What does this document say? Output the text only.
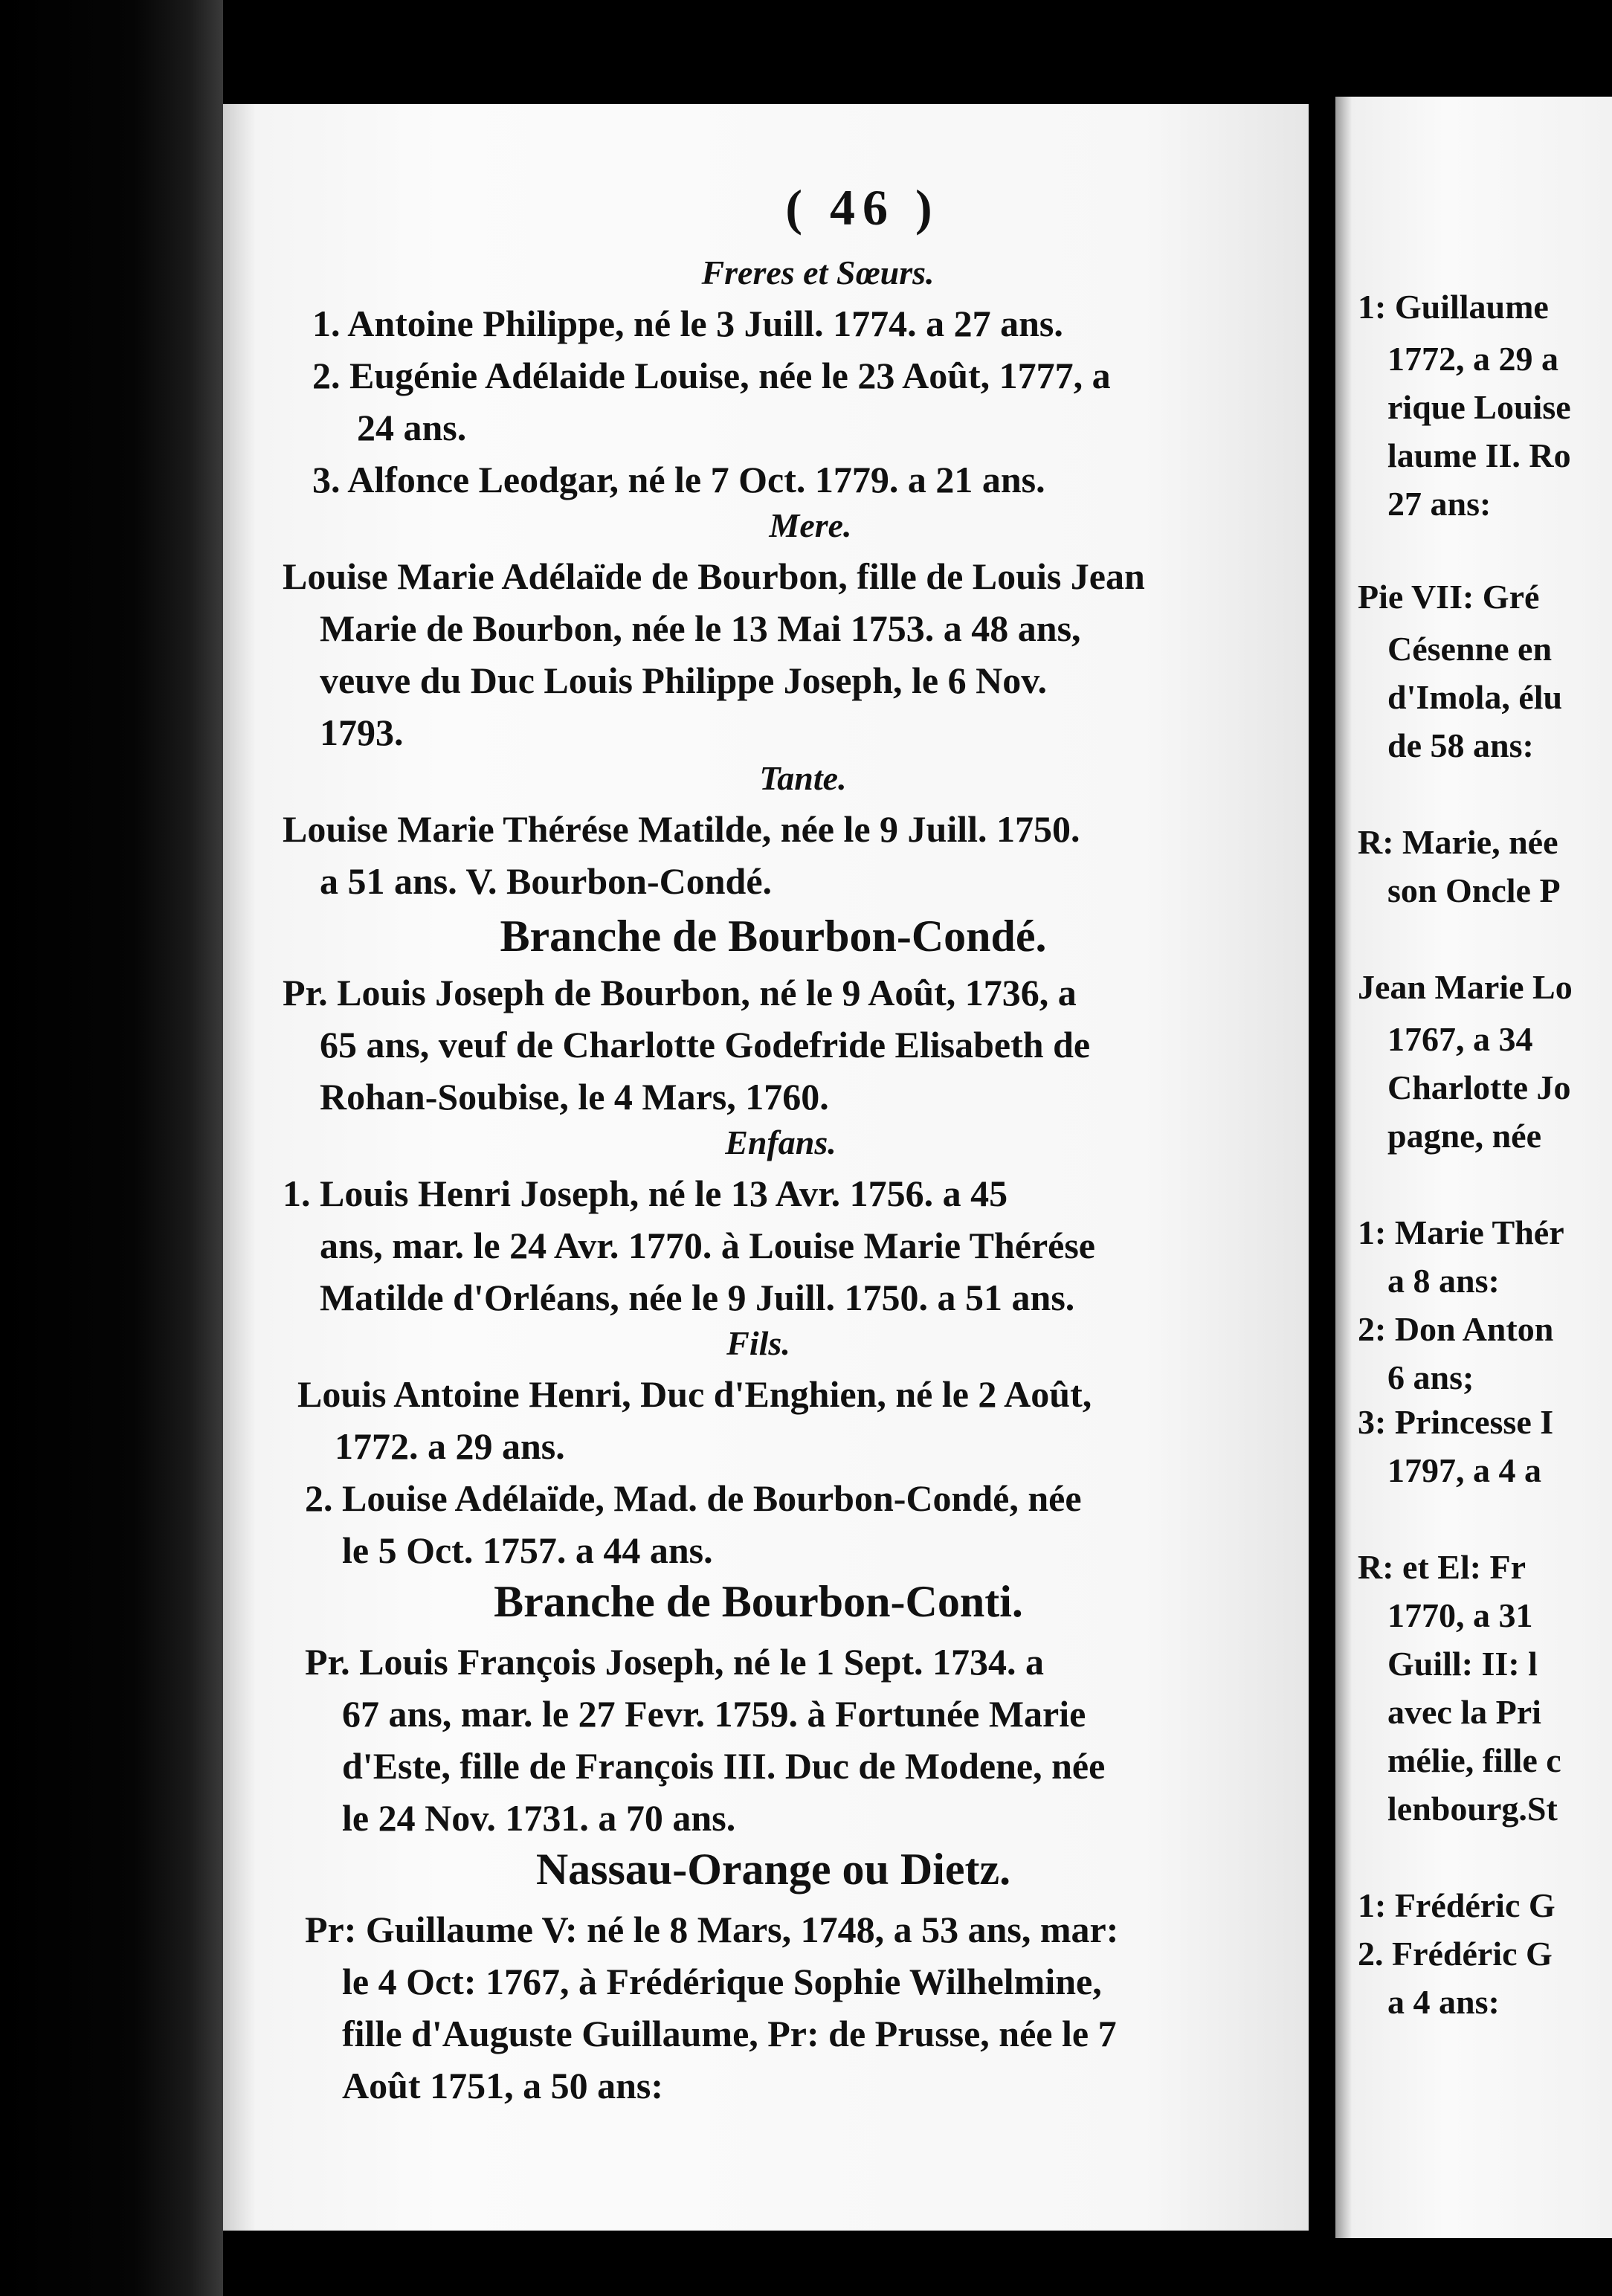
( 46 )
Freres et Sœurs.
1. Antoine Philippe, né le 3 Juill. 1774. a 27 ans.
2. Eugénie Adélaide Louise, née le 23 Août, 1777, a
24 ans.
3. Alfonce Leodgar, né le 7 Oct. 1779. a 21 ans.
Mere.
Louise Marie Adélaïde de Bourbon, fille de Louis Jean
Marie de Bourbon, née le 13 Mai 1753. a 48 ans,
veuve du Duc Louis Philippe Joseph, le 6 Nov.
1793.
Tante.
Louise Marie Thérése Matilde, née le 9 Juill. 1750.
a 51 ans. V. Bourbon-Condé.
Branche de Bourbon-Condé.
Pr. Louis Joseph de Bourbon, né le 9 Août, 1736, a
65 ans, veuf de Charlotte Godefride Elisabeth de
Rohan-Soubise, le 4 Mars, 1760.
Enfans.
1. Louis Henri Joseph, né le 13 Avr. 1756. a 45
ans, mar. le 24 Avr. 1770. à Louise Marie Thérése
Matilde d'Orléans, née le 9 Juill. 1750. a 51 ans.
Fils.
Louis Antoine Henri, Duc d'Enghien, né le 2 Août,
1772. a 29 ans.
2. Louise Adélaïde, Mad. de Bourbon-Condé, née
le 5 Oct. 1757. a 44 ans.
Branche de Bourbon-Conti.
Pr. Louis François Joseph, né le 1 Sept. 1734. a
67 ans, mar. le 27 Fevr. 1759. à Fortunée Marie
d'Este, fille de François III. Duc de Modene, née
le 24 Nov. 1731. a 70 ans.
Nassau-Orange ou Dietz.
Pr: Guillaume V: né le 8 Mars, 1748, a 53 ans, mar:
le 4 Oct: 1767, à Frédérique Sophie Wilhelmine,
fille d'Auguste Guillaume, Pr: de Prusse, née le 7
Août 1751, a 50 ans:
1: Guillaume
1772, a 29 a
rique Louise
laume II. Ro
27 ans:
Pie VII: Gré
Césenne en
d'Imola, élu
de 58 ans:
R: Marie, née
son Oncle P
Jean Marie Lo
1767, a 34
Charlotte Jo
pagne, née
1: Marie Thér
a 8 ans:
2: Don Anton
6 ans;
3: Princesse I
1797, a 4 a
R: et El: Fr
1770, a 31
Guill: II: l
avec la Pri
mélie, fille c
lenbourg.St
1: Frédéric G
2. Frédéric G
a 4 ans:
